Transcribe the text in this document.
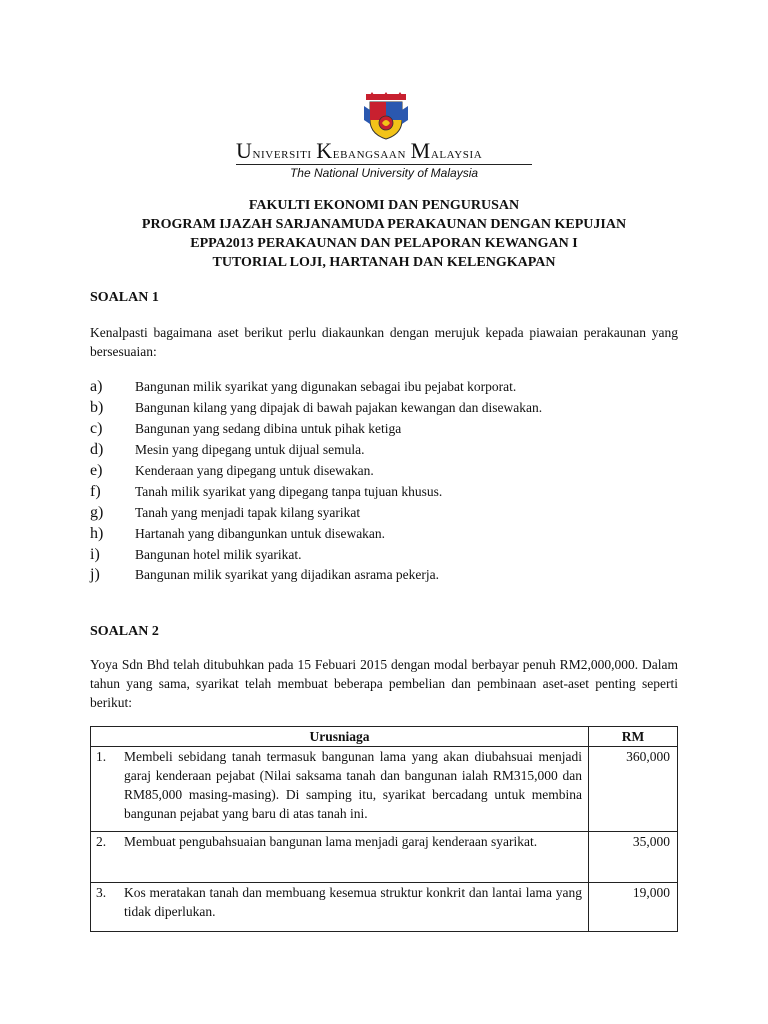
Universiti Kebangsaan Malaysia
The National University of Malaysia
FAKULTI EKONOMI DAN PENGURUSAN
PROGRAM IJAZAH SARJANAMUDA PERAKAUNAN DENGAN KEPUJIAN
EPPA2013 PERAKAUNAN DAN PELAPORAN KEWANGAN I
TUTORIAL LOJI, HARTANAH DAN KELENGKAPAN
SOALAN 1
Kenalpasti bagaimana aset berikut perlu diakaunkan dengan merujuk kepada piawaian perakaunan yang bersesuaian:
a)	Bangunan milik syarikat yang digunakan sebagai ibu pejabat korporat.
b)	Bangunan kilang yang dipajak di bawah pajakan kewangan dan disewakan.
c)	Bangunan yang sedang dibina untuk pihak ketiga
d)	Mesin yang dipegang untuk dijual semula.
e)	Kenderaan yang dipegang untuk disewakan.
f)	Tanah milik syarikat yang dipegang tanpa tujuan khusus.
g)	Tanah yang menjadi tapak kilang syarikat
h)	Hartanah yang dibangunkan untuk disewakan.
i)	Bangunan hotel milik syarikat.
j)	Bangunan milik syarikat yang dijadikan asrama pekerja.
SOALAN 2
Yoya Sdn Bhd telah ditubuhkan pada 15 Febuari 2015 dengan modal berbayar penuh RM2,000,000. Dalam tahun yang sama, syarikat telah membuat beberapa pembelian dan pembinaan aset-aset penting seperti berikut:
Urusniaga	RM

1. Membeli sebidang tanah termasuk bangunan lama yang akan diubahsuai menjadi garaj kenderaan pejabat (Nilai saksama tanah dan bangunan ialah RM315,000 dan RM85,000 masing-masing). Di samping itu, syarikat bercadang untuk membina bangunan pejabat yang baru di atas tanah ini.	360,000

2. Membuat pengubahsuaian bangunan lama menjadi garaj kenderaan syarikat.	35,000

3. Kos meratakan tanah dan membuang kesemua struktur konkrit dan lantai lama yang tidak diperlukan.	19,000
